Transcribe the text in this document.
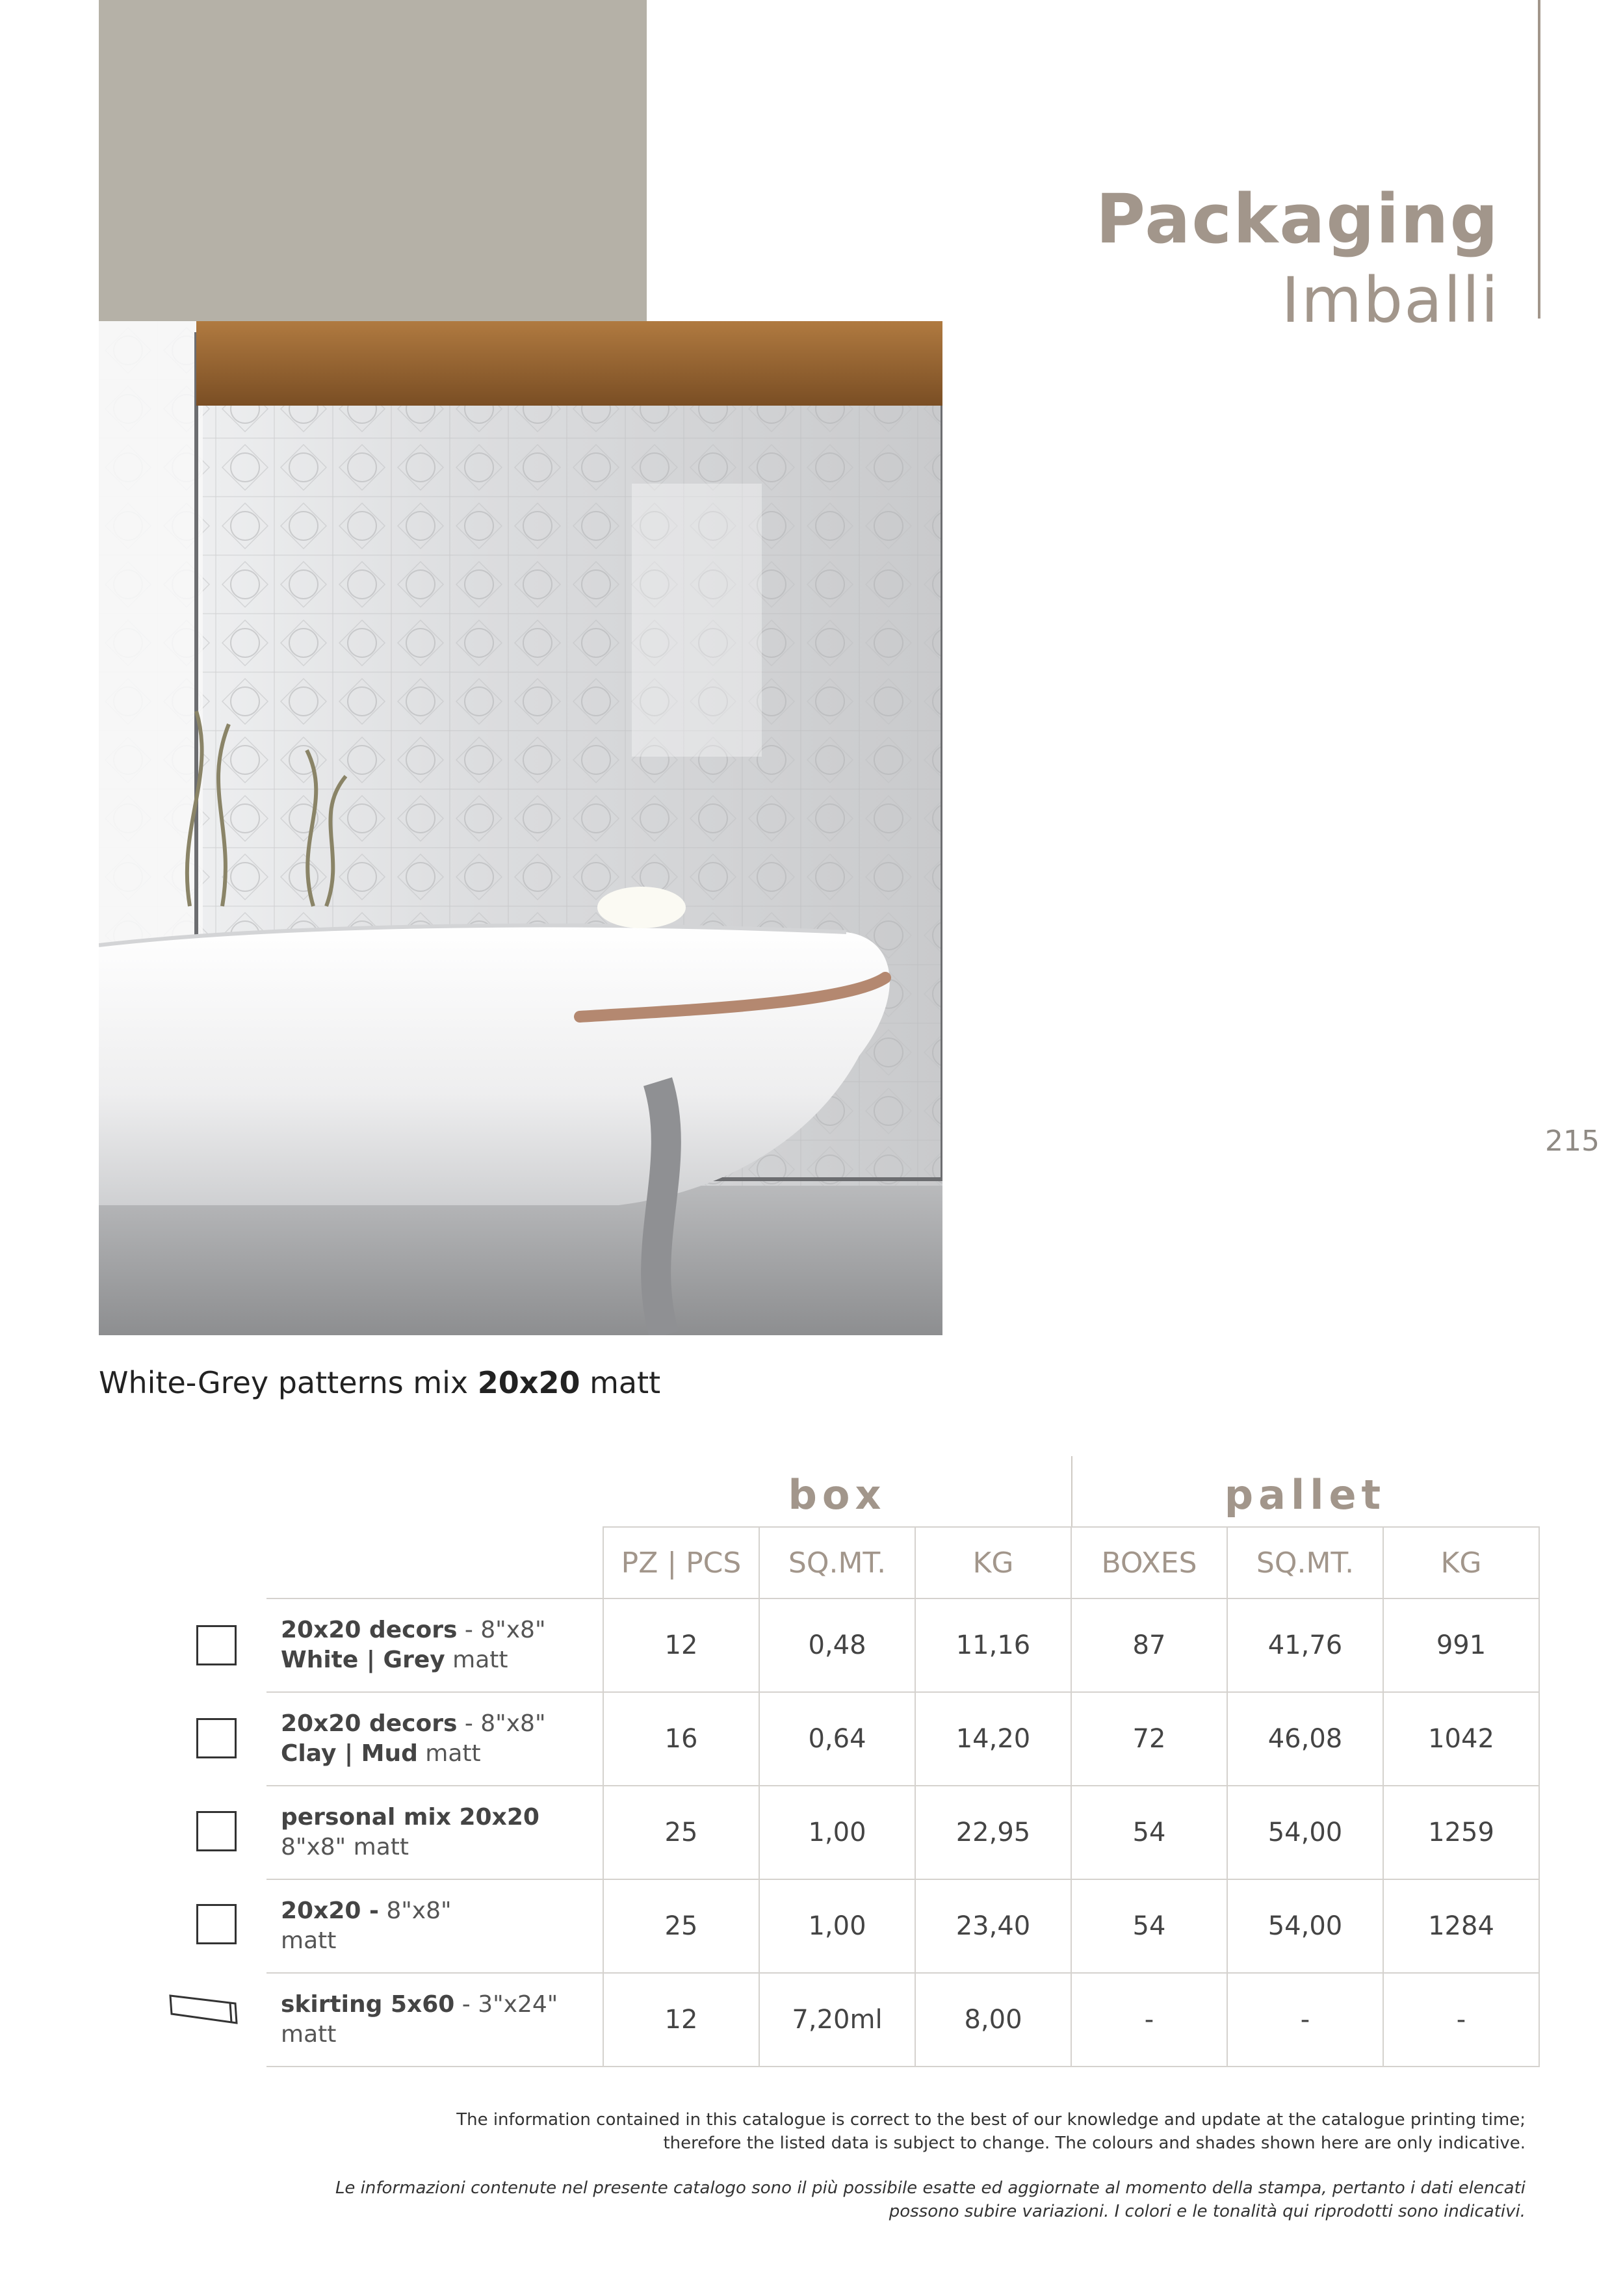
Packaging
Imballi
215
White-Grey patterns mix 20x20 matt
box	pallet
	PZ | PCS	SQ.MT.	KG	BOXES	SQ.MT.	KG
20x20 decors - 8"x8"
White | Grey matt	12	0,48	11,16	87	41,76	991
20x20 decors - 8"x8"
Clay | Mud matt	16	0,64	14,20	72	46,08	1042
personal mix 20x20
8"x8" matt	25	1,00	22,95	54	54,00	1259
20x20 - 8"x8"
matt	25	1,00	23,40	54	54,00	1284
skirting 5x60 - 3"x24"
matt	12	7,20ml	8,00	-	-	-
The information contained in this catalogue is correct to the best of our knowledge and update at the catalogue printing time;
therefore the listed data is subject to change. The colours and shades shown here are only indicative.
Le informazioni contenute nel presente catalogo sono il più possibile esatte ed aggiornate al momento della stampa, pertanto i dati elencati
possono subire variazioni. I colori e le tonalità qui riprodotti sono indicativi.
